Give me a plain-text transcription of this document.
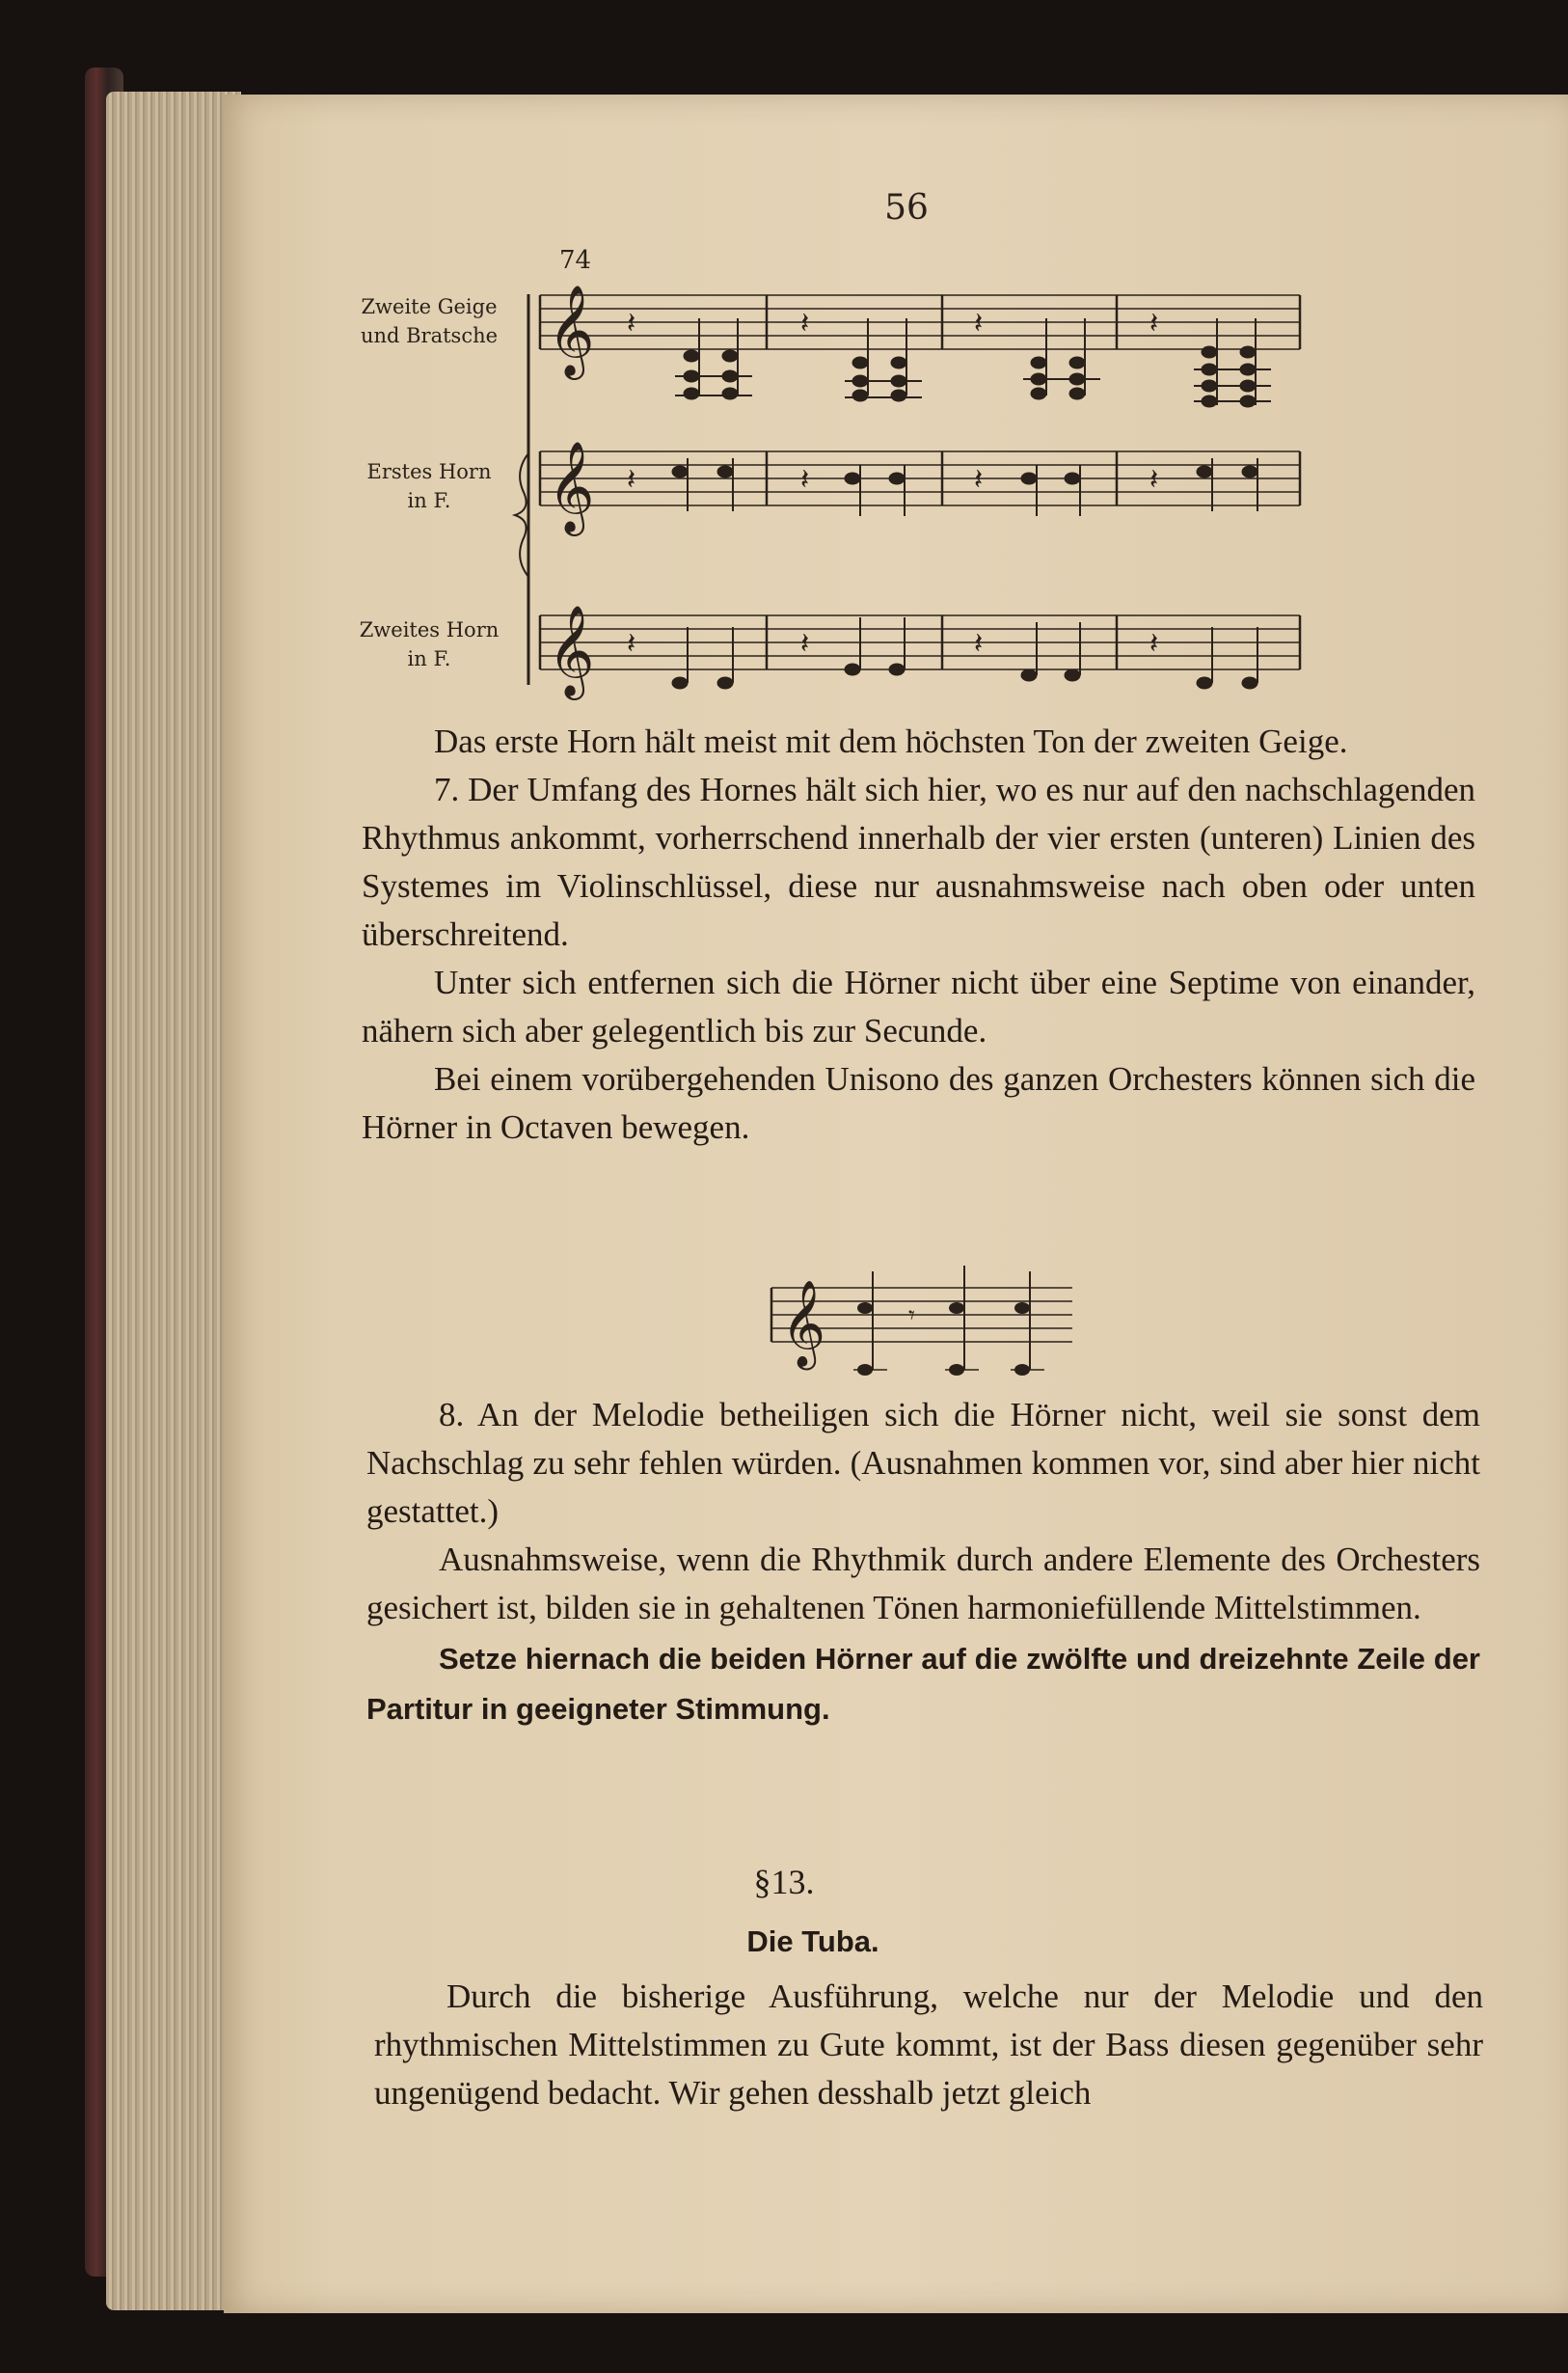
56
74
Zweite Geige
und Bratsche
Erstes Horn
in F.
Zweites Horn
in F.
𝄞
𝄞
𝄞
𝄽	𝄽	𝄽	𝄽
𝄽	𝄽	𝄽	𝄽
𝄽	𝄽	𝄽	𝄽

Das erste Horn hält meist mit dem höchsten Ton der zweiten Geige.

7. Der Umfang des Hornes hält sich hier, wo es nur auf den nachschlagenden Rhythmus ankommt, vorherrschend innerhalb der vier ersten (unteren) Linien des Systemes im Violinschlüssel, diese nur ausnahmsweise nach oben oder unten überschreitend.

Unter sich entfernen sich die Hörner nicht über eine Septime von einander, nähern sich aber gelegentlich bis zur Secunde.

Bei einem vorübergehenden Unisono des ganzen Orchesters können sich die Hörner in Octaven bewegen.

𝄞	𝄾

8. An der Melodie betheiligen sich die Hörner nicht, weil sie sonst dem Nachschlag zu sehr fehlen würden. (Ausnahmen kommen vor, sind aber hier nicht gestattet.)

Ausnahmsweise, wenn die Rhythmik durch andere Elemente des Orchesters gesichert ist, bilden sie in gehaltenen Tönen harmoniefüllende Mittelstimmen.

Setze hiernach die beiden Hörner auf die zwölfte und dreizehnte Zeile der Partitur in geeigneter Stimmung.

§13.
Die Tuba.

Durch die bisherige Ausführung, welche nur der Melodie und den rhythmischen Mittelstimmen zu Gute kommt, ist der Bass diesen gegenüber sehr ungenügend bedacht. Wir gehen desshalb jetzt gleich
